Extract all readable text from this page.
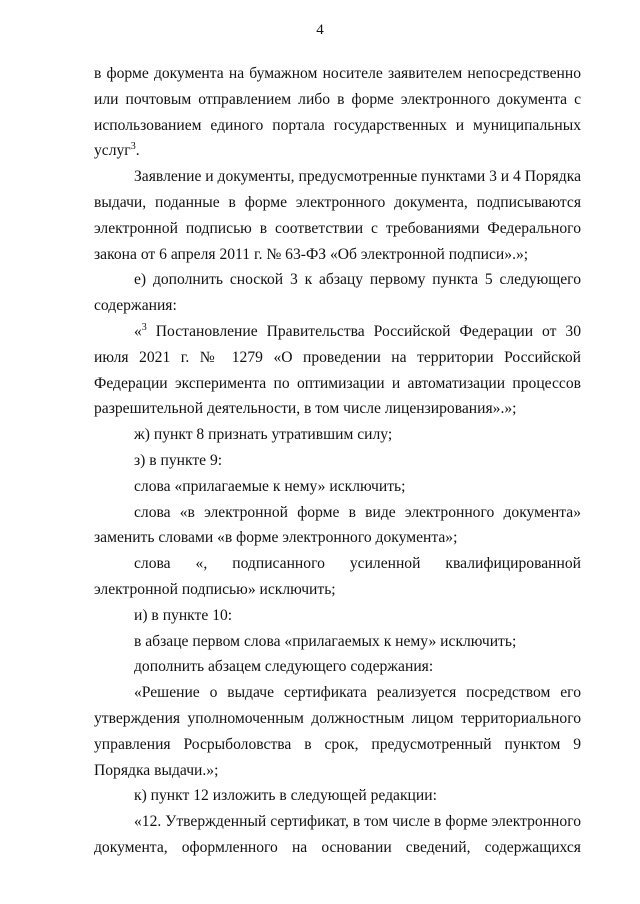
4

в форме документа на бумажном носителе заявителем непосредственно или почтовым отправлением либо в форме электронного документа с использованием единого портала государственных и муниципальных услуг$^3$.

Заявление и документы, предусмотренные пунктами 3 и 4 Порядка выдачи, поданные в форме электронного документа, подписываются электронной подписью в соответствии с требованиями Федерального закона от 6 апреля 2011 г. № 63-ФЗ «Об электронной подписи».»;

е) дополнить сноской 3 к абзацу первому пункта 5 следующего содержания:

«$^3$ Постановление Правительства Российской Федерации от 30 июля 2021 г. № 1279 «О проведении на территории Российской Федерации эксперимента по оптимизации и автоматизации процессов разрешительной деятельности, в том числе лицензирования».»;

ж) пункт 8 признать утратившим силу;

з) в пункте 9:

слова «прилагаемые к нему» исключить;

слова «в электронной форме в виде электронного документа» заменить словами «в форме электронного документа»;

слова «, подписанного усиленной квалифицированной электронной подписью» исключить;

и) в пункте 10:

в абзаце первом слова «прилагаемых к нему» исключить;

дополнить абзацем следующего содержания:

«Решение о выдаче сертификата реализуется посредством его утверждения уполномоченным должностным лицом территориального управления Росрыболовства в срок, предусмотренный пунктом 9 Порядка выдачи.»;

к) пункт 12 изложить в следующей редакции:

«12. Утвержденный сертификат, в том числе в форме электронного документа, оформленного на основании сведений, содержащихся
